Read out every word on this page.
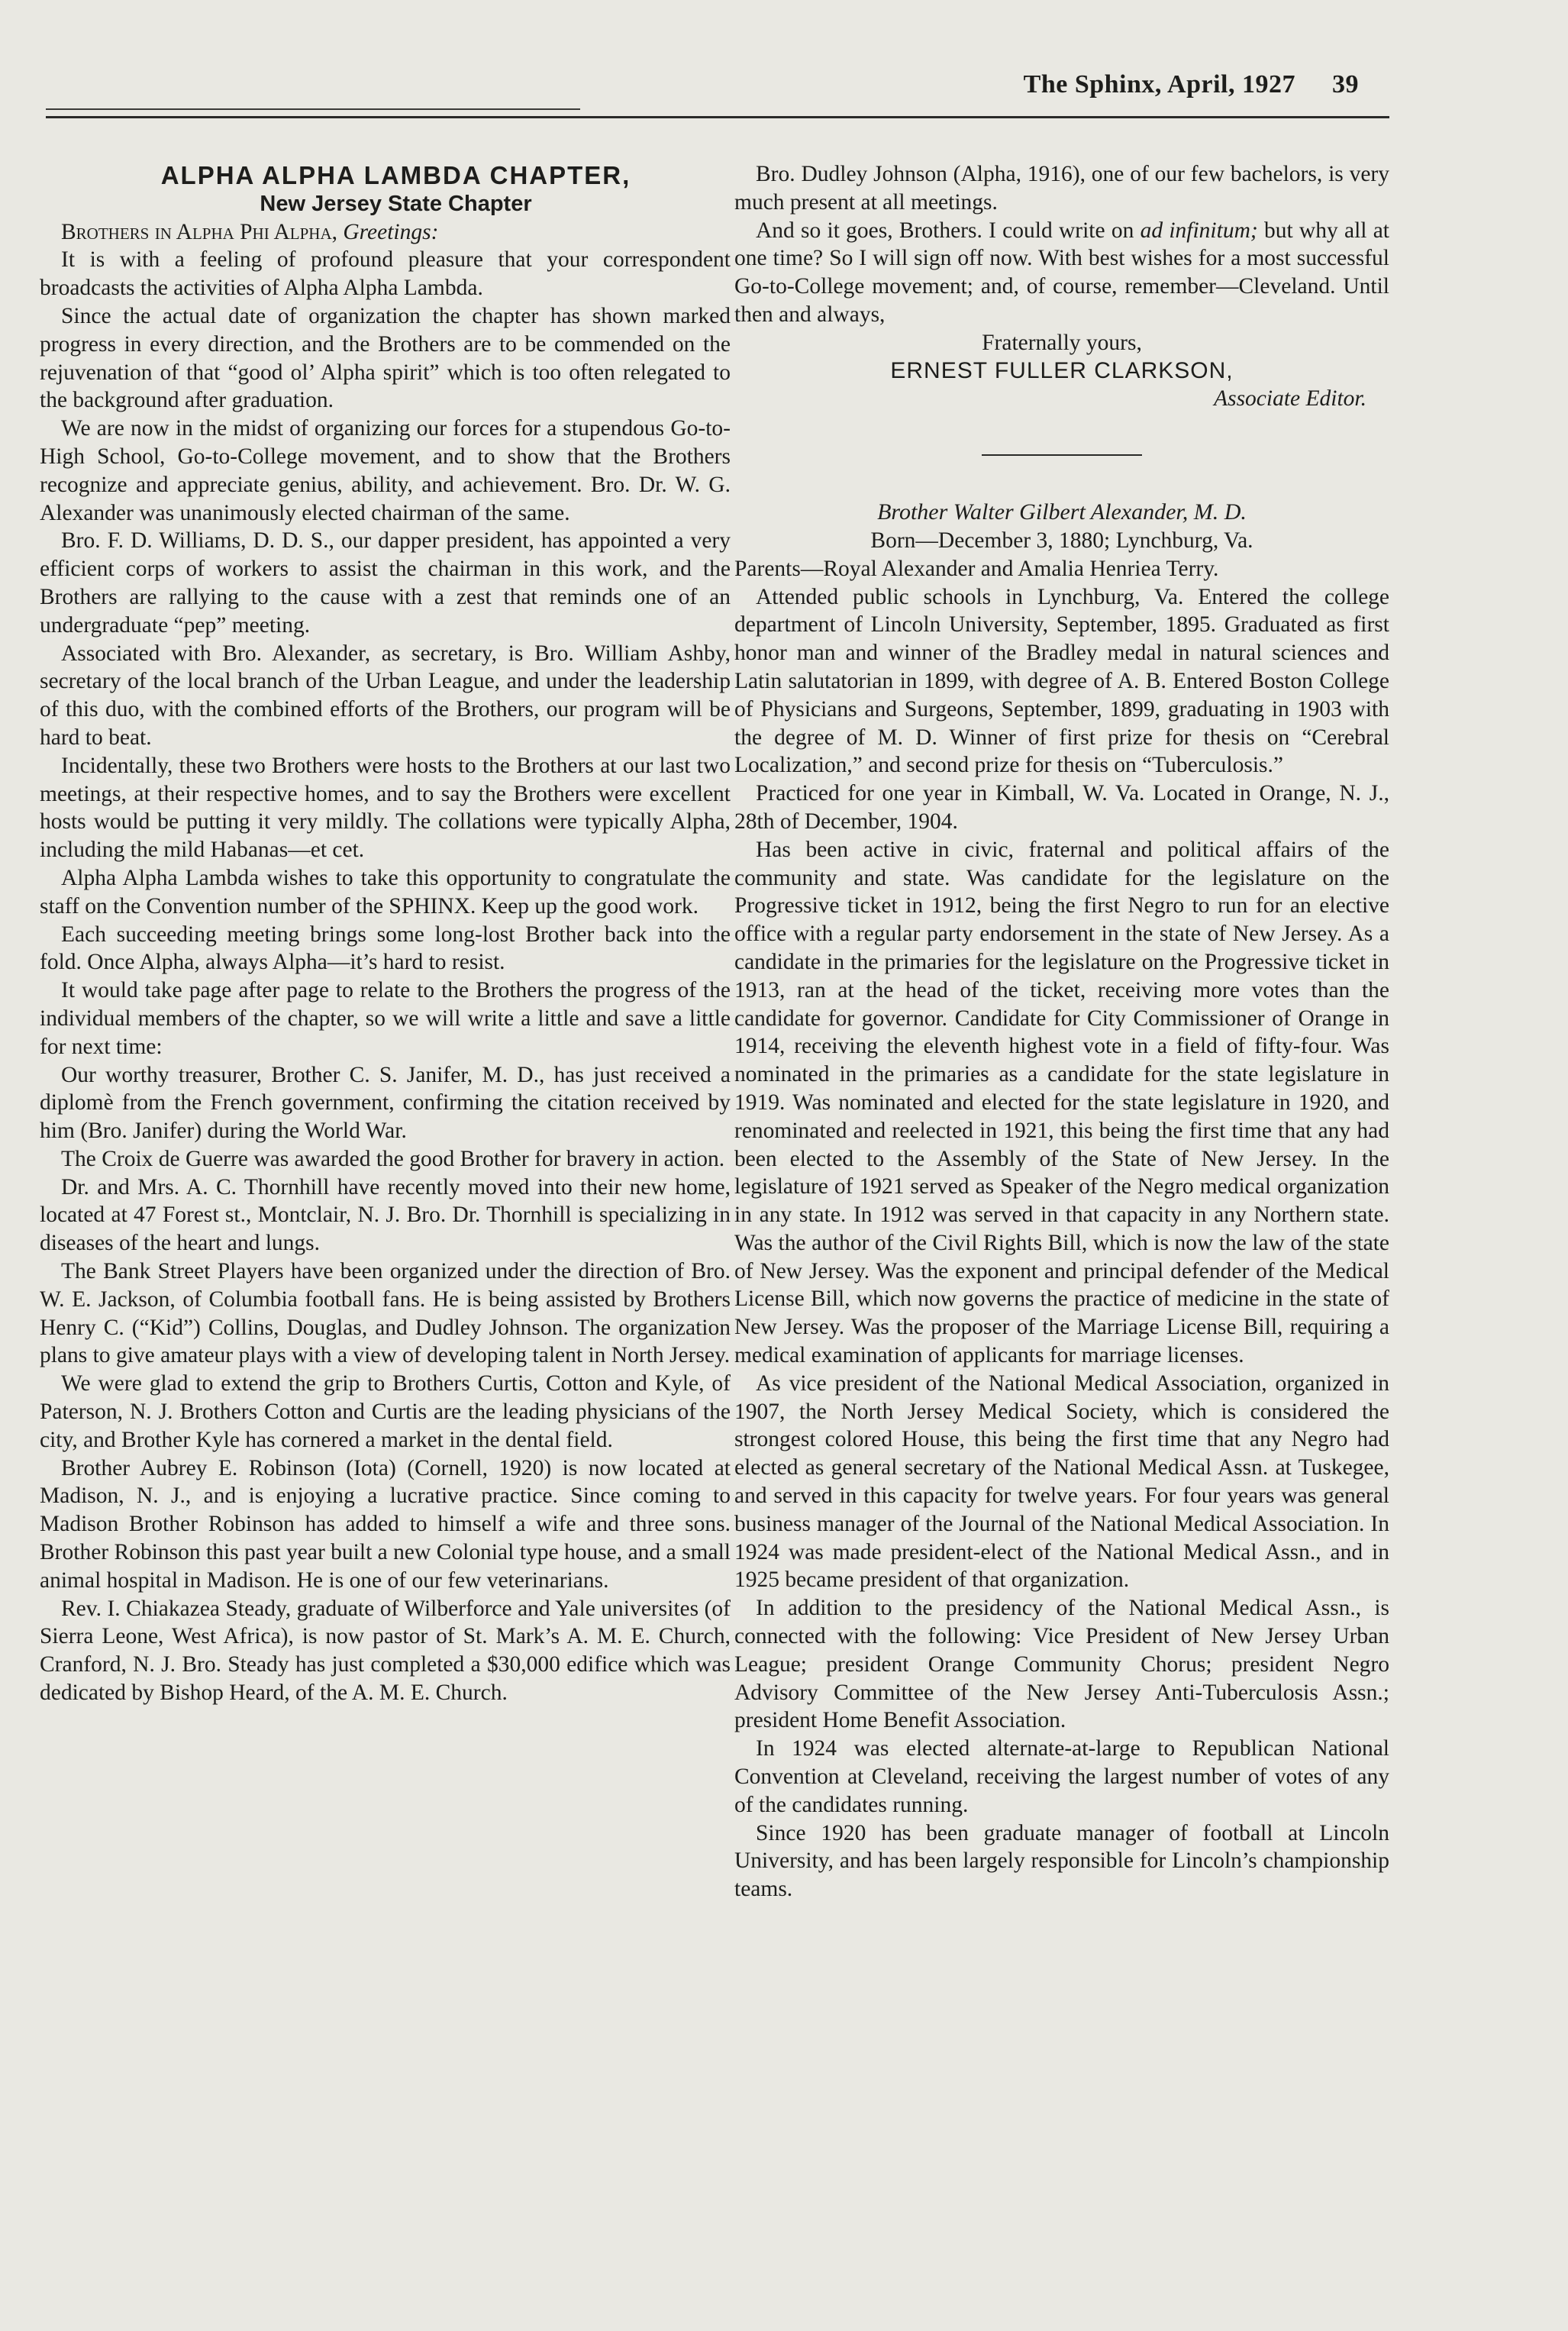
The Sphinx, April, 1927 39

ALPHA ALPHA LAMBDA CHAPTER,

New Jersey State Chapter

Brothers in Alpha Phi Alpha, Greetings:

It is with a feeling of profound pleasure that your correspondent broadcasts the activities of Alpha Alpha Lambda.

Since the actual date of organization the chapter has shown marked progress in every direction, and the Brothers are to be commended on the rejuvenation of that “good ol’ Alpha spirit” which is too often relegated to the background after graduation.

We are now in the midst of organizing our forces for a stupendous Go-to-High School, Go-to-College movement, and to show that the Brothers recognize and appreciate genius, ability, and achievement. Bro. Dr. W. G. Alexander was unanimously elected chairman of the same.

Bro. F. D. Williams, D. D. S., our dapper president, has appointed a very efficient corps of workers to assist the chairman in this work, and the Brothers are rallying to the cause with a zest that reminds one of an undergraduate “pep” meeting.

Associated with Bro. Alexander, as secretary, is Bro. William Ashby, secretary of the local branch of the Urban League, and under the leadership of this duo, with the combined efforts of the Brothers, our program will be hard to beat.

Incidentally, these two Brothers were hosts to the Brothers at our last two meetings, at their respective homes, and to say the Brothers were excellent hosts would be putting it very mildly. The collations were typically Alpha, including the mild Habanas—et cet.

Alpha Alpha Lambda wishes to take this opportunity to congratulate the staff on the Convention number of the SPHINX. Keep up the good work.

Each succeeding meeting brings some long-lost Brother back into the fold. Once Alpha, always Alpha—it’s hard to resist.

It would take page after page to relate to the Brothers the progress of the individual members of the chapter, so we will write a little and save a little for next time:

Our worthy treasurer, Brother C. S. Janifer, M. D., has just received a diplomè from the French government, confirming the citation received by him (Bro. Janifer) during the World War.

The Croix de Guerre was awarded the good Brother for bravery in action.

Dr. and Mrs. A. C. Thornhill have recently moved into their new home, located at 47 Forest st., Montclair, N. J. Bro. Dr. Thornhill is specializing in diseases of the heart and lungs.

The Bank Street Players have been organized under the direction of Bro. W. E. Jackson, of Columbia football fans. He is being assisted by Brothers Henry C. (“Kid”) Collins, Douglas, and Dudley Johnson. The organization plans to give amateur plays with a view of developing talent in North Jersey.

We were glad to extend the grip to Brothers Curtis, Cotton and Kyle, of Paterson, N. J. Brothers Cotton and Curtis are the leading physicians of the city, and Brother Kyle has cornered a market in the dental field.

Brother Aubrey E. Robinson (Iota) (Cornell, 1920) is now located at Madison, N. J., and is enjoying a lucrative practice. Since coming to Madison Brother Robinson has added to himself a wife and three sons. Brother Robinson this past year built a new Colonial type house, and a small animal hospital in Madison. He is one of our few veterinarians.

Rev. I. Chiakazea Steady, graduate of Wilberforce and Yale universites (of Sierra Leone, West Africa), is now pastor of St. Mark’s A. M. E. Church, Cranford, N. J. Bro. Steady has just completed a $30,000 edifice which was dedicated by Bishop Heard, of the A. M. E. Church.

Bro. Dudley Johnson (Alpha, 1916), one of our few bachelors, is very much present at all meetings.

And so it goes, Brothers. I could write on ad infinitum; but why all at one time? So I will sign off now. With best wishes for a most successful Go-to-College movement; and, of course, remember—Cleveland. Until then and always,

Fraternally yours,

ERNEST FULLER CLARKSON,

Associate Editor.

Brother Walter Gilbert Alexander, M. D.

Born—December 3, 1880; Lynchburg, Va.

Parents—Royal Alexander and Amalia Henriea Terry.

Attended public schools in Lynchburg, Va. Entered the college department of Lincoln University, September, 1895. Graduated as first honor man and winner of the Bradley medal in natural sciences and Latin salutatorian in 1899, with degree of A. B. Entered Boston College of Physicians and Surgeons, September, 1899, graduating in 1903 with the degree of M. D. Winner of first prize for thesis on “Cerebral Localization,” and second prize for thesis on “Tuberculosis.”

Practiced for one year in Kimball, W. Va. Located in Orange, N. J., 28th of December, 1904.

Has been active in civic, fraternal and political affairs of the community and state. Was candidate for the legislature on the Progressive ticket in 1912, being the first Negro to run for an elective office with a regular party endorsement in the state of New Jersey. As a candidate in the primaries for the legislature on the Progressive ticket in 1913, ran at the head of the ticket, receiving more votes than the candidate for governor. Candidate for City Commissioner of Orange in 1914, receiving the eleventh highest vote in a field of fifty-four. Was nominated in the primaries as a candidate for the state legislature in 1919. Was nominated and elected for the state legislature in 1920, and renominated and reelected in 1921, this being the first time that any had been elected to the Assembly of the State of New Jersey. In the legislature of 1921 served as Speaker of the Negro medical organization in any state. In 1912 was served in that capacity in any Northern state. Was the author of the Civil Rights Bill, which is now the law of the state of New Jersey. Was the exponent and principal defender of the Medical License Bill, which now governs the practice of medicine in the state of New Jersey. Was the proposer of the Marriage License Bill, requiring a medical examination of applicants for marriage licenses.

As vice president of the National Medical Association, organized in 1907, the North Jersey Medical Society, which is considered the strongest colored House, this being the first time that any Negro had elected as general secretary of the National Medical Assn. at Tuskegee, and served in this capacity for twelve years. For four years was general business manager of the Journal of the National Medical Association. In 1924 was made president-elect of the National Medical Assn., and in 1925 became president of that organization.

In addition to the presidency of the National Medical Assn., is connected with the following: Vice President of New Jersey Urban League; president Orange Community Chorus; president Negro Advisory Committee of the New Jersey Anti-Tuberculosis Assn.; president Home Benefit Association.

In 1924 was elected alternate-at-large to Republican National Convention at Cleveland, receiving the largest number of votes of any of the candidates running.

Since 1920 has been graduate manager of football at Lincoln University, and has been largely responsible for Lincoln’s championship teams.
